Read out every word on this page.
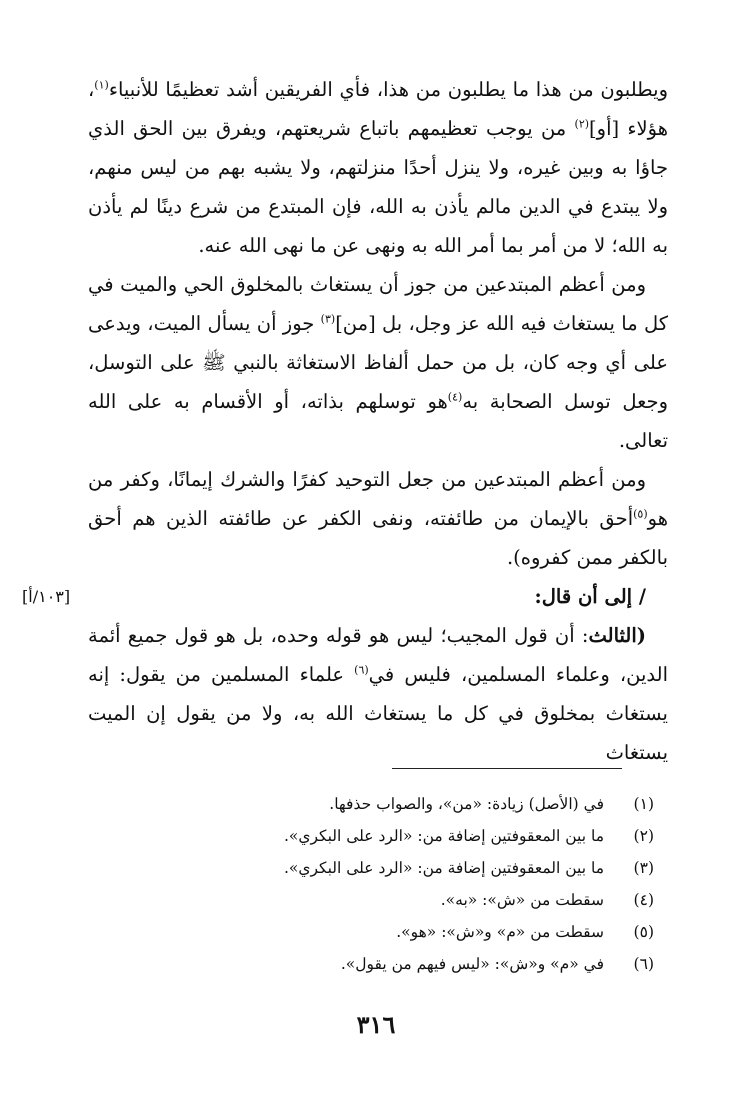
ويطلبون من هذا ما يطلبون من هذا، فأي الفريقين أشد تعظيمًا للأنبياء$^{(١)}$، هؤلاء [أو]$^{(٢)}$ من يوجب تعظيمهم باتباع شريعتهم، ويفرق بين الحق الذي جاؤا به وبين غيره، ولا ينزل أحدًا منزلتهم، ولا يشبه بهم من ليس منهم، ولا يبتدع في الدين مالم يأذن به الله، فإن المبتدع من شرع دينًا لم يأذن به الله؛ لا من أمر بما أمر الله به ونهى عن ما نهى الله عنه.

ومن أعظم المبتدعين من جوز أن يستغاث بالمخلوق الحي والميت في كل ما يستغاث فيه الله عز وجل، بل [من]$^{(٣)}$ جوز أن يسأل الميت، ويدعى على أي وجه كان، بل من حمل ألفاظ الاستغاثة بالنبي ﷺ على التوسل، وجعل توسل الصحابة به$^{(٤)}$هو توسلهم بذاته، أو الأقسام به على الله تعالى.

ومن أعظم المبتدعين من جعل التوحيد كفرًا والشرك إيمانًا، وكفر من هو$^{(٥)}$أحق بالإيمان من طائفته، ونفى الكفر عن طائفته الذين هم أحق بالكفر ممن كفروه).

/ إلى أن قال:
[١٠٣/أ]

(الثالث: أن قول المجيب؛ ليس هو قوله وحده، بل هو قول جميع أئمة الدين، وعلماء المسلمين، فليس في$^{(٦)}$ علماء المسلمين من يقول: إنه يستغاث بمخلوق في كل ما يستغاث الله به، ولا من يقول إن الميت يستغاث

(١)
في (الأصل) زيادة: «من»، والصواب حذفها.
(٢)
ما بين المعقوفتين إضافة من: «الرد على البكري».
(٣)
ما بين المعقوفتين إضافة من: «الرد على البكري».
(٤)
سقطت من «ش»: «به».
(٥)
سقطت من «م» و«ش»: «هو».
(٦)
في «م» و«ش»: «ليس فيهم من يقول».
٣١٦
